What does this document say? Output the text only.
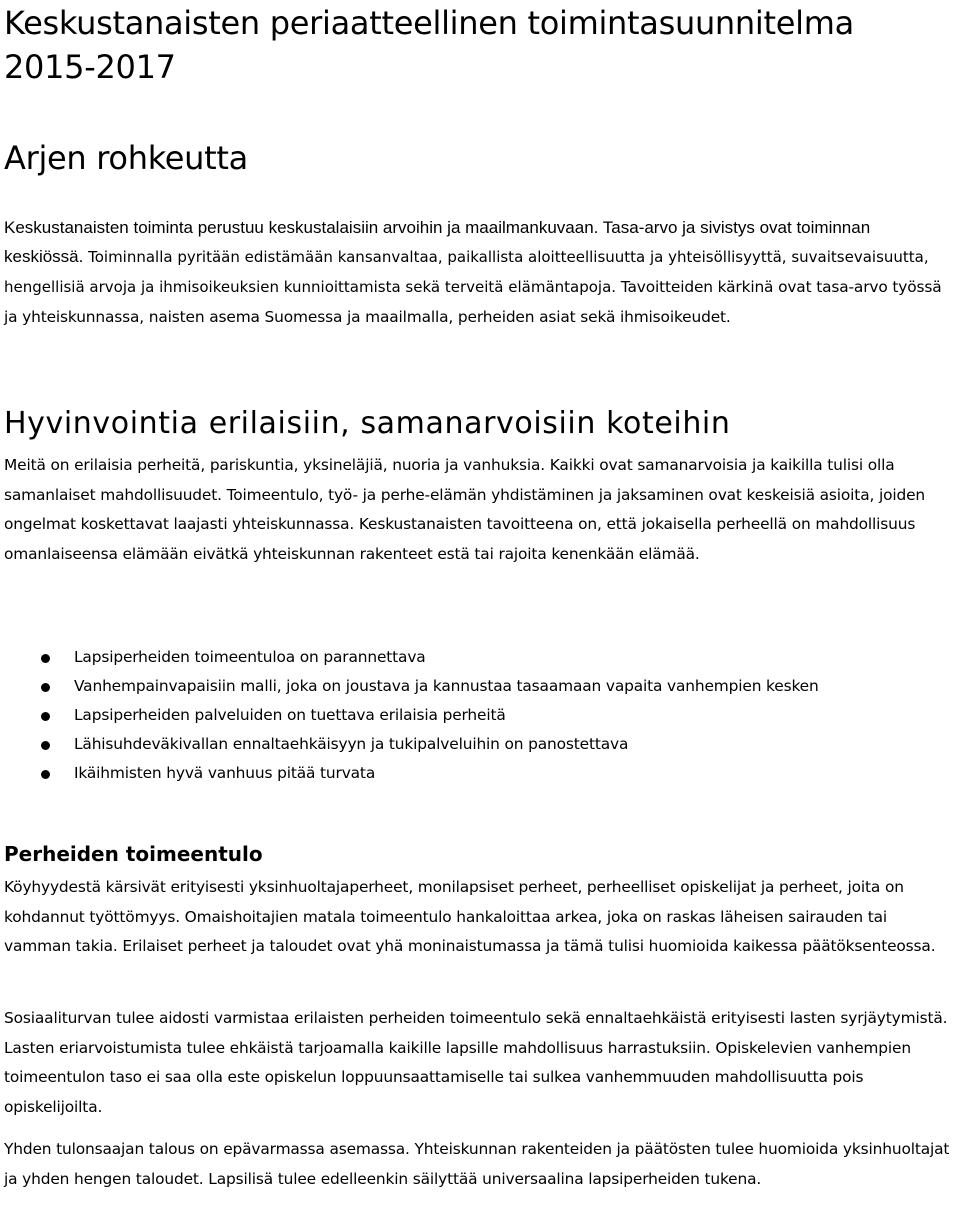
Keskustanaisten periaatteellinen toimintasuunnitelma
2015-2017
Arjen rohkeutta

Keskustanaisten toiminta perustuu keskustalaisiin arvoihin ja maailmankuvaan. Tasa-arvo ja sivistys ovat toiminnan keskiössä. Toiminnalla pyritään edistämään kansanvaltaa, paikallista aloitteellisuutta ja yhteisöllisyyttä, suvaitsevaisuutta, hengellisiä arvoja ja ihmisoikeuksien kunnioittamista sekä terveitä elämäntapoja. Tavoitteiden kärkinä ovat tasa-arvo työssä ja yhteiskunnassa, naisten asema Suomessa ja maailmalla, perheiden asiat sekä ihmisoikeudet.

Hyvinvointia erilaisiin, samanarvoisiin koteihin

Meitä on erilaisia perheitä, pariskuntia, yksineläjiä, nuoria ja vanhuksia. Kaikki ovat samanarvoisia ja kaikilla tulisi olla samanlaiset mahdollisuudet. Toimeentulo, työ- ja perhe-elämän yhdistäminen ja jaksaminen ovat keskeisiä asioita, joiden ongelmat koskettavat laajasti yhteiskunnassa. Keskustanaisten tavoitteena on, että jokaisella perheellä on mahdollisuus omanlaiseensa elämään eivätkä yhteiskunnan rakenteet estä tai rajoita kenenkään elämää.

Lapsiperheiden toimeentuloa on parannettava
Vanhempainvapaisiin malli, joka on joustava ja kannustaa tasaamaan vapaita vanhempien kesken
Lapsiperheiden palveluiden on tuettava erilaisia perheitä
Lähisuhdeväkivallan ennaltaehkäisyyn ja tukipalveluihin on panostettava
Ikäihmisten hyvä vanhuus pitää turvata
Perheiden toimeentulo

Köyhyydestä kärsivät erityisesti yksinhuoltajaperheet, monilapsiset perheet, perheelliset opiskelijat ja perheet, joita on kohdannut työttömyys. Omaishoitajien matala toimeentulo hankaloittaa arkea, joka on raskas läheisen sairauden tai vamman takia. Erilaiset perheet ja taloudet ovat yhä moninaistumassa ja tämä tulisi huomioida kaikessa päätöksenteossa.

Sosiaaliturvan tulee aidosti varmistaa erilaisten perheiden toimeentulo sekä ennaltaehkäistä erityisesti lasten syrjäytymistä. Lasten eriarvoistumista tulee ehkäistä tarjoamalla kaikille lapsille mahdollisuus harrastuksiin. Opiskelevien vanhempien toimeentulon taso ei saa olla este opiskelun loppuunsaattamiselle tai sulkea vanhemmuuden mahdollisuutta pois opiskelijoilta.

Yhden tulonsaajan talous on epävarmassa asemassa. Yhteiskunnan rakenteiden ja päätösten tulee huomioida yksinhuoltajat ja yhden hengen taloudet. Lapsilisä tulee edelleenkin säilyttää universaalina lapsiperheiden tukena.
